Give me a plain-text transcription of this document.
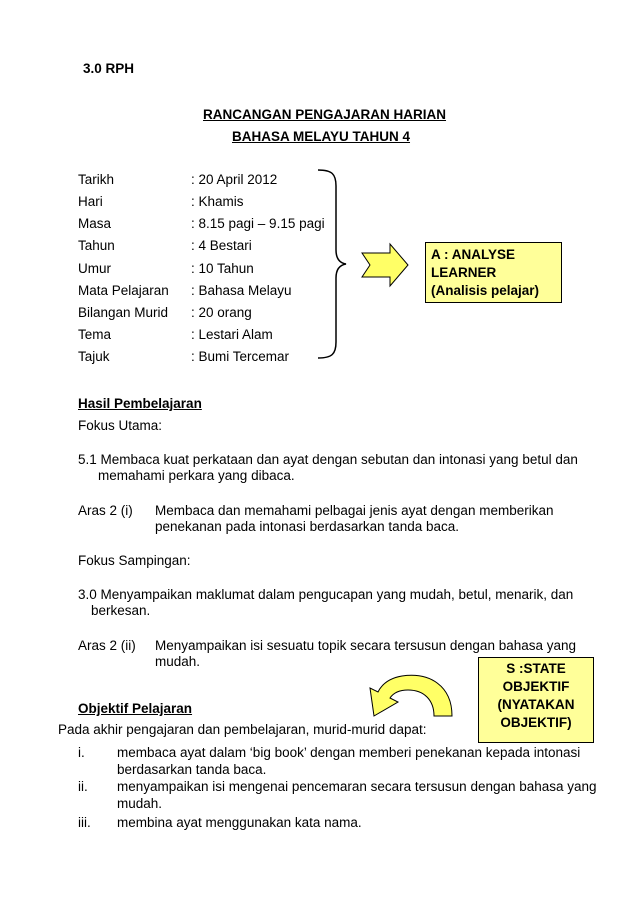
3.0 RPH
RANCANGAN PENGAJARAN HARIAN
BAHASA MELAYU TAHUN 4
Tarikh	: 20 April 2012
Hari	: Khamis
Masa	: 8.15 pagi – 9.15 pagi
Tahun	: 4 Bestari
Umur	: 10 Tahun
Mata Pelajaran : Bahasa Melayu
Bilangan Murid : 20 orang
Tema	: Lestari Alam
Tajuk	: Bumi Tercemar
A : ANALYSE
LEARNER
(Analisis pelajar)
Hasil Pembelajaran
Fokus Utama:
5.1 Membaca kuat perkataan dan ayat dengan sebutan dan intonasi yang betul dan
memahami perkara yang dibaca.
Aras 2 (i) Membaca dan memahami pelbagai jenis ayat dengan memberikan
penekanan pada intonasi berdasarkan tanda baca.
Fokus Sampingan:
3.0 Menyampaikan maklumat dalam pengucapan yang mudah, betul, menarik, dan
berkesan.
Aras 2 (ii) Menyampaikan isi sesuatu topik secara tersusun dengan bahasa yang
mudah.	S :STATE
OBJEKTIF
(NYATAKAN
OBJEKTIF)
Objektif Pelajaran
Pada akhir pengajaran dan pembelajaran, murid-murid dapat:
i. membaca ayat dalam ‘big book’ dengan memberi penekanan kepada intonasi
berdasarkan tanda baca.
ii. menyampaikan isi mengenai pencemaran secara tersusun dengan bahasa yang
mudah.
iii. membina ayat menggunakan kata nama.
